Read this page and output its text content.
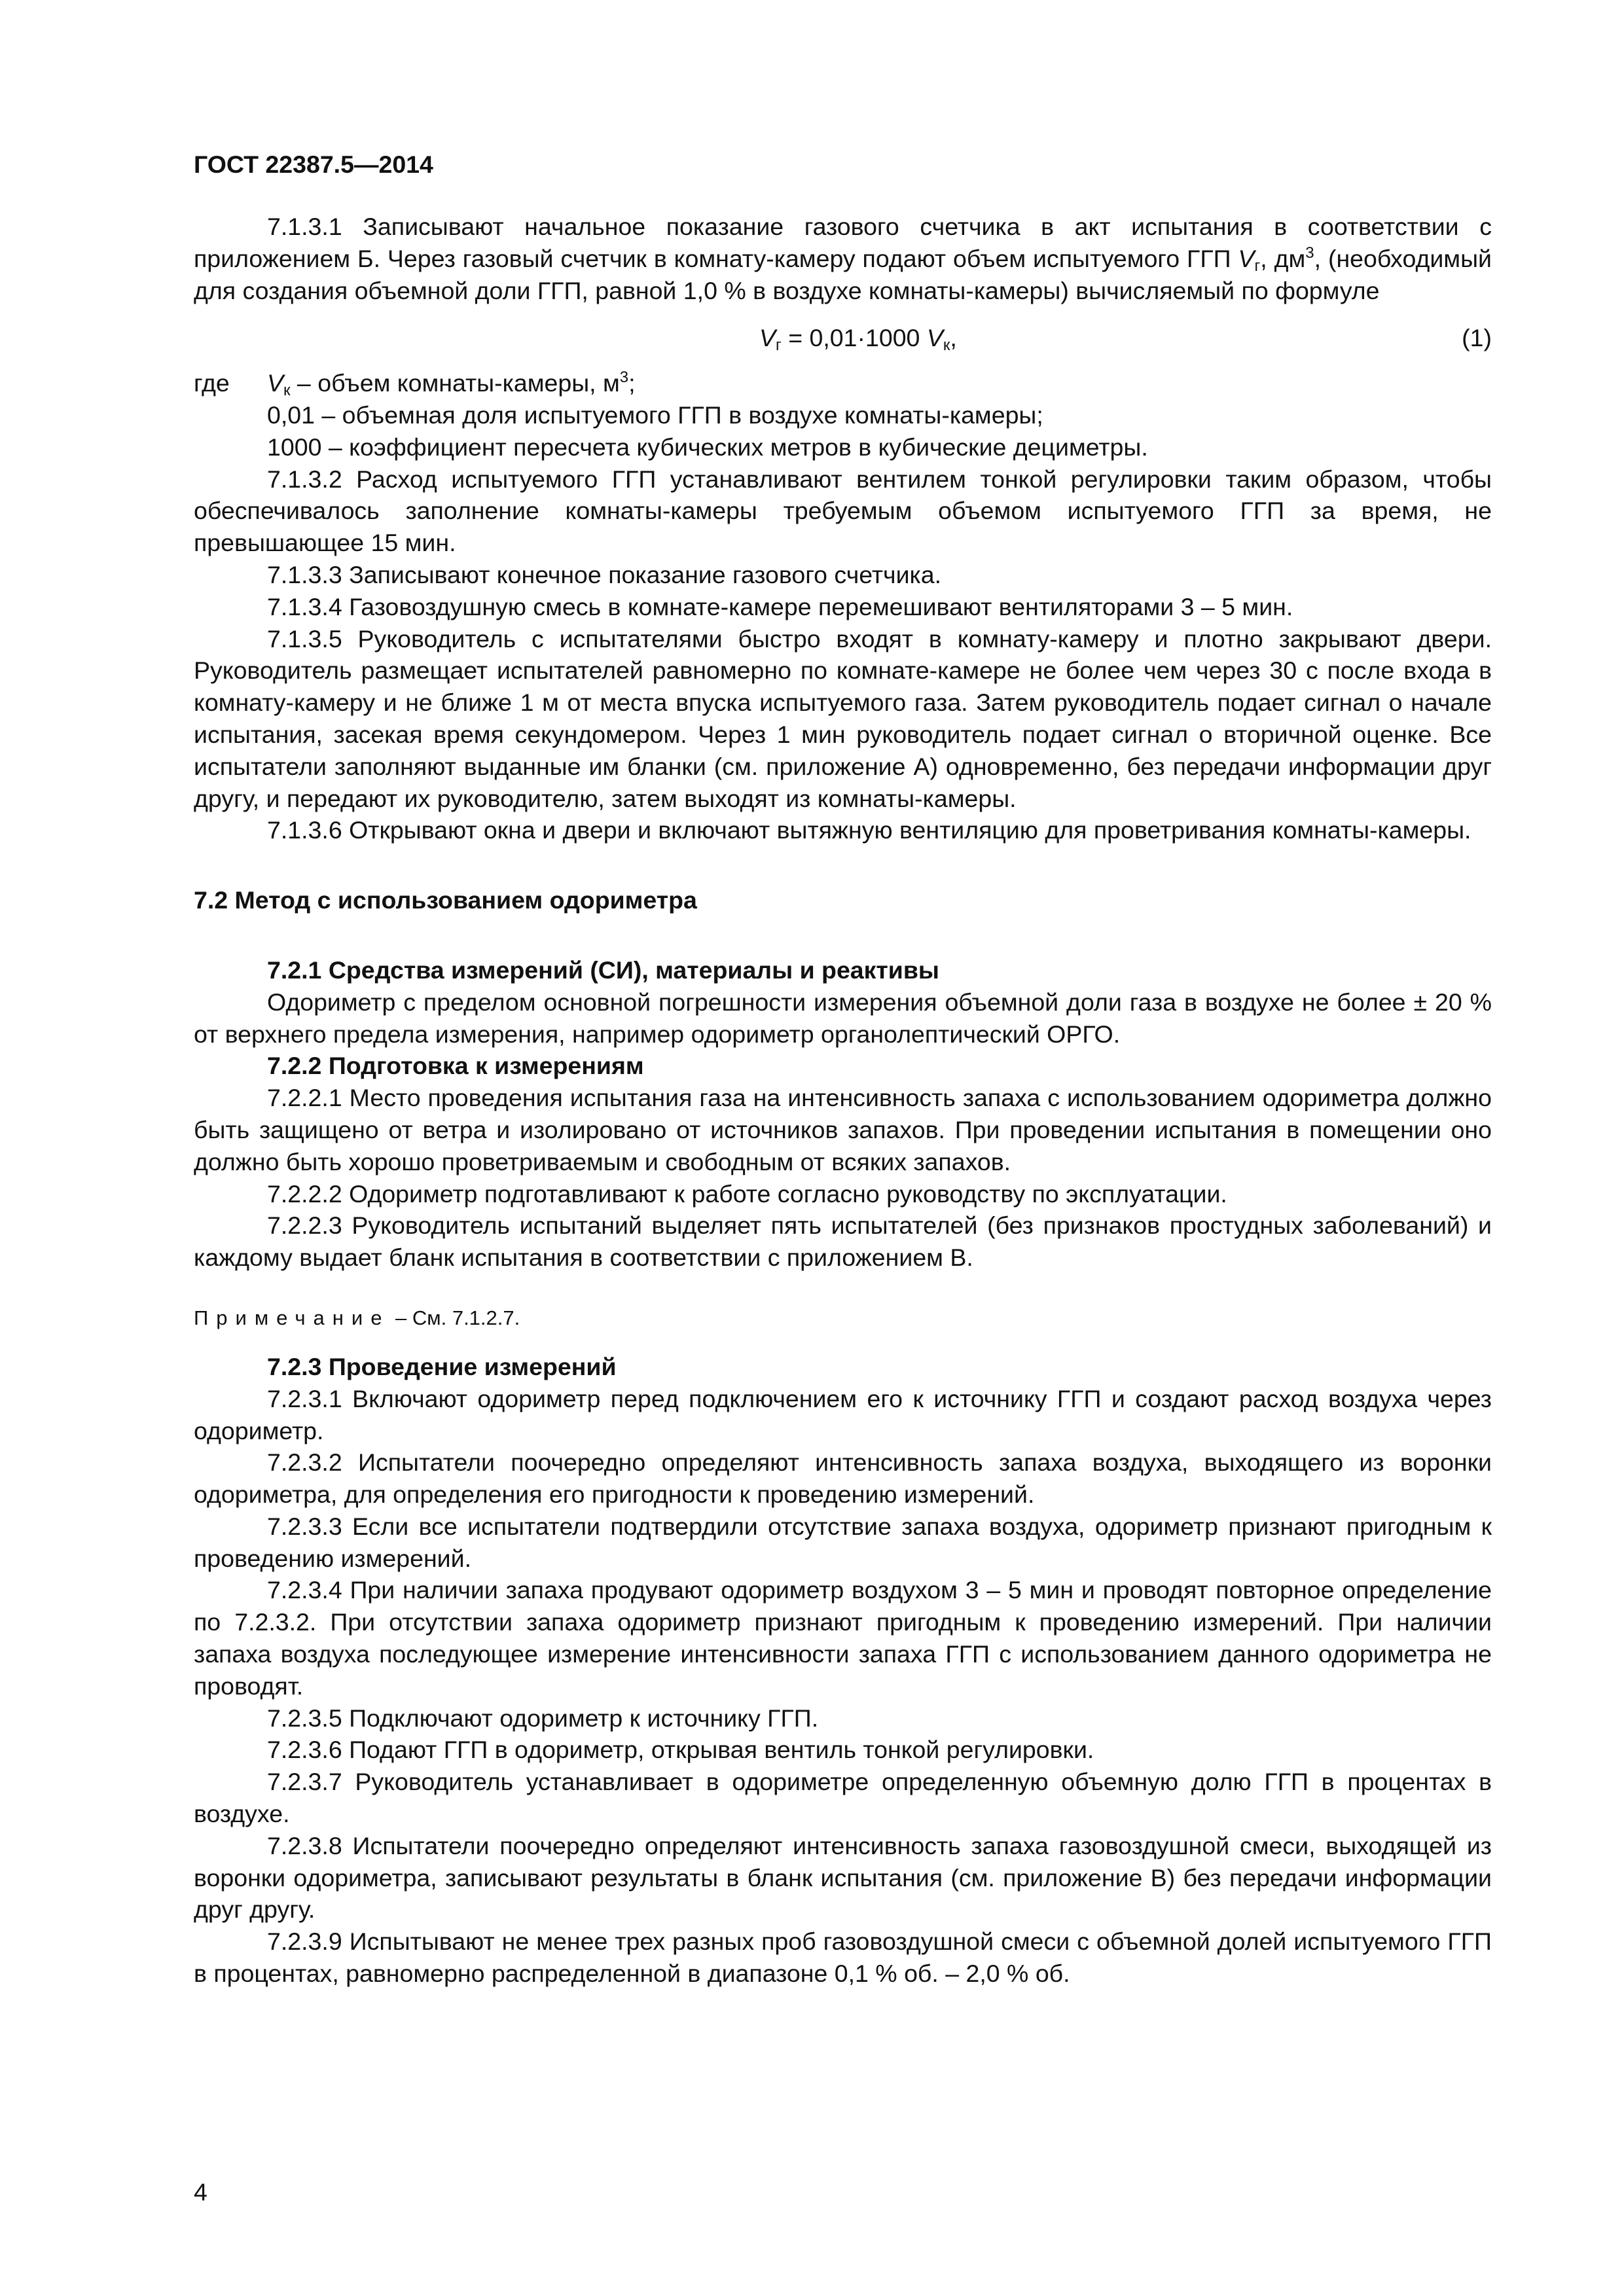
ГОСТ 22387.5—2014

7.1.3.1 Записывают начальное показание газового счетчика в акт испытания в соответствии с приложением Б. Через газовый счетчик в комнату-камеру подают объем испытуемого ГГП $V_г$, $дм^3$, (необходимый для создания объемной доли ГГП, равной 1,0 % в воздухе комнаты-камеры) вычисляемый по формуле

$V_г = 0,01\cdot 1000$ $V_к$,	(1)
где $V_к$ – объем комнаты-камеры, $м^3$;

0,01 – объемная доля испытуемого ГГП в воздухе комнаты-камеры;

1000 – коэффициент пересчета кубических метров в кубические дециметры.

7.1.3.2 Расход испытуемого ГГП устанавливают вентилем тонкой регулировки таким образом, чтобы обеспечивалось заполнение комнаты-камеры требуемым объемом испытуемого ГГП за время, не превышающее 15 мин.

7.1.3.3 Записывают конечное показание газового счетчика.

7.1.3.4 Газовоздушную смесь в комнате-камере перемешивают вентиляторами 3 – 5 мин.

7.1.3.5 Руководитель с испытателями быстро входят в комнату-камеру и плотно закрывают двери. Руководитель размещает испытателей равномерно по комнате-камере не более чем через 30 с после входа в комнату-камеру и не ближе 1 м от места впуска испытуемого газа. Затем руководитель подает сигнал о начале испытания, засекая время секундомером. Через 1 мин руководитель подает сигнал о вторичной оценке. Все испытатели заполняют выданные им бланки (см. приложение А) одновременно, без передачи информации друг другу, и передают их руководителю, затем выходят из комнаты-камеры.

7.1.3.6 Открывают окна и двери и включают вытяжную вентиляцию для проветривания комнаты-камеры.

7.2 Метод с использованием одориметра

7.2.1 Средства измерений (СИ), материалы и реактивы

Одориметр с пределом основной погрешности измерения объемной доли газа в воздухе не более ± 20 % от верхнего предела измерения, например одориметр органолептический ОРГО.

7.2.2 Подготовка к измерениям

7.2.2.1 Место проведения испытания газа на интенсивность запаха с использованием одориметра должно быть защищено от ветра и изолировано от источников запахов. При проведении испытания в помещении оно должно быть хорошо проветриваемым и свободным от всяких запахов.

7.2.2.2 Одориметр подготавливают к работе согласно руководству по эксплуатации.

7.2.2.3 Руководитель испытаний выделяет пять испытателей (без признаков простудных заболеваний) и каждому выдает бланк испытания в соответствии с приложением В.

Примечание – См. 7.1.2.7.

7.2.3 Проведение измерений

7.2.3.1 Включают одориметр перед подключением его к источнику ГГП и создают расход воздуха через одориметр.

7.2.3.2 Испытатели поочередно определяют интенсивность запаха воздуха, выходящего из воронки одориметра, для определения его пригодности к проведению измерений.

7.2.3.3 Если все испытатели подтвердили отсутствие запаха воздуха, одориметр признают пригодным к проведению измерений.

7.2.3.4 При наличии запаха продувают одориметр воздухом 3 – 5 мин и проводят повторное определение по 7.2.3.2. При отсутствии запаха одориметр признают пригодным к проведению измерений. При наличии запаха воздуха последующее измерение интенсивности запаха ГГП с использованием данного одориметра не проводят.

7.2.3.5 Подключают одориметр к источнику ГГП.

7.2.3.6 Подают ГГП в одориметр, открывая вентиль тонкой регулировки.

7.2.3.7 Руководитель устанавливает в одориметре определенную объемную долю ГГП в процентах в воздухе.

7.2.3.8 Испытатели поочередно определяют интенсивность запаха газовоздушной смеси, выходящей из воронки одориметра, записывают результаты в бланк испытания (см. приложение В) без передачи информации друг другу.

7.2.3.9 Испытывают не менее трех разных проб газовоздушной смеси с объемной долей испытуемого ГГП в процентах, равномерно распределенной в диапазоне 0,1 % об. – 2,0 % об.

4
